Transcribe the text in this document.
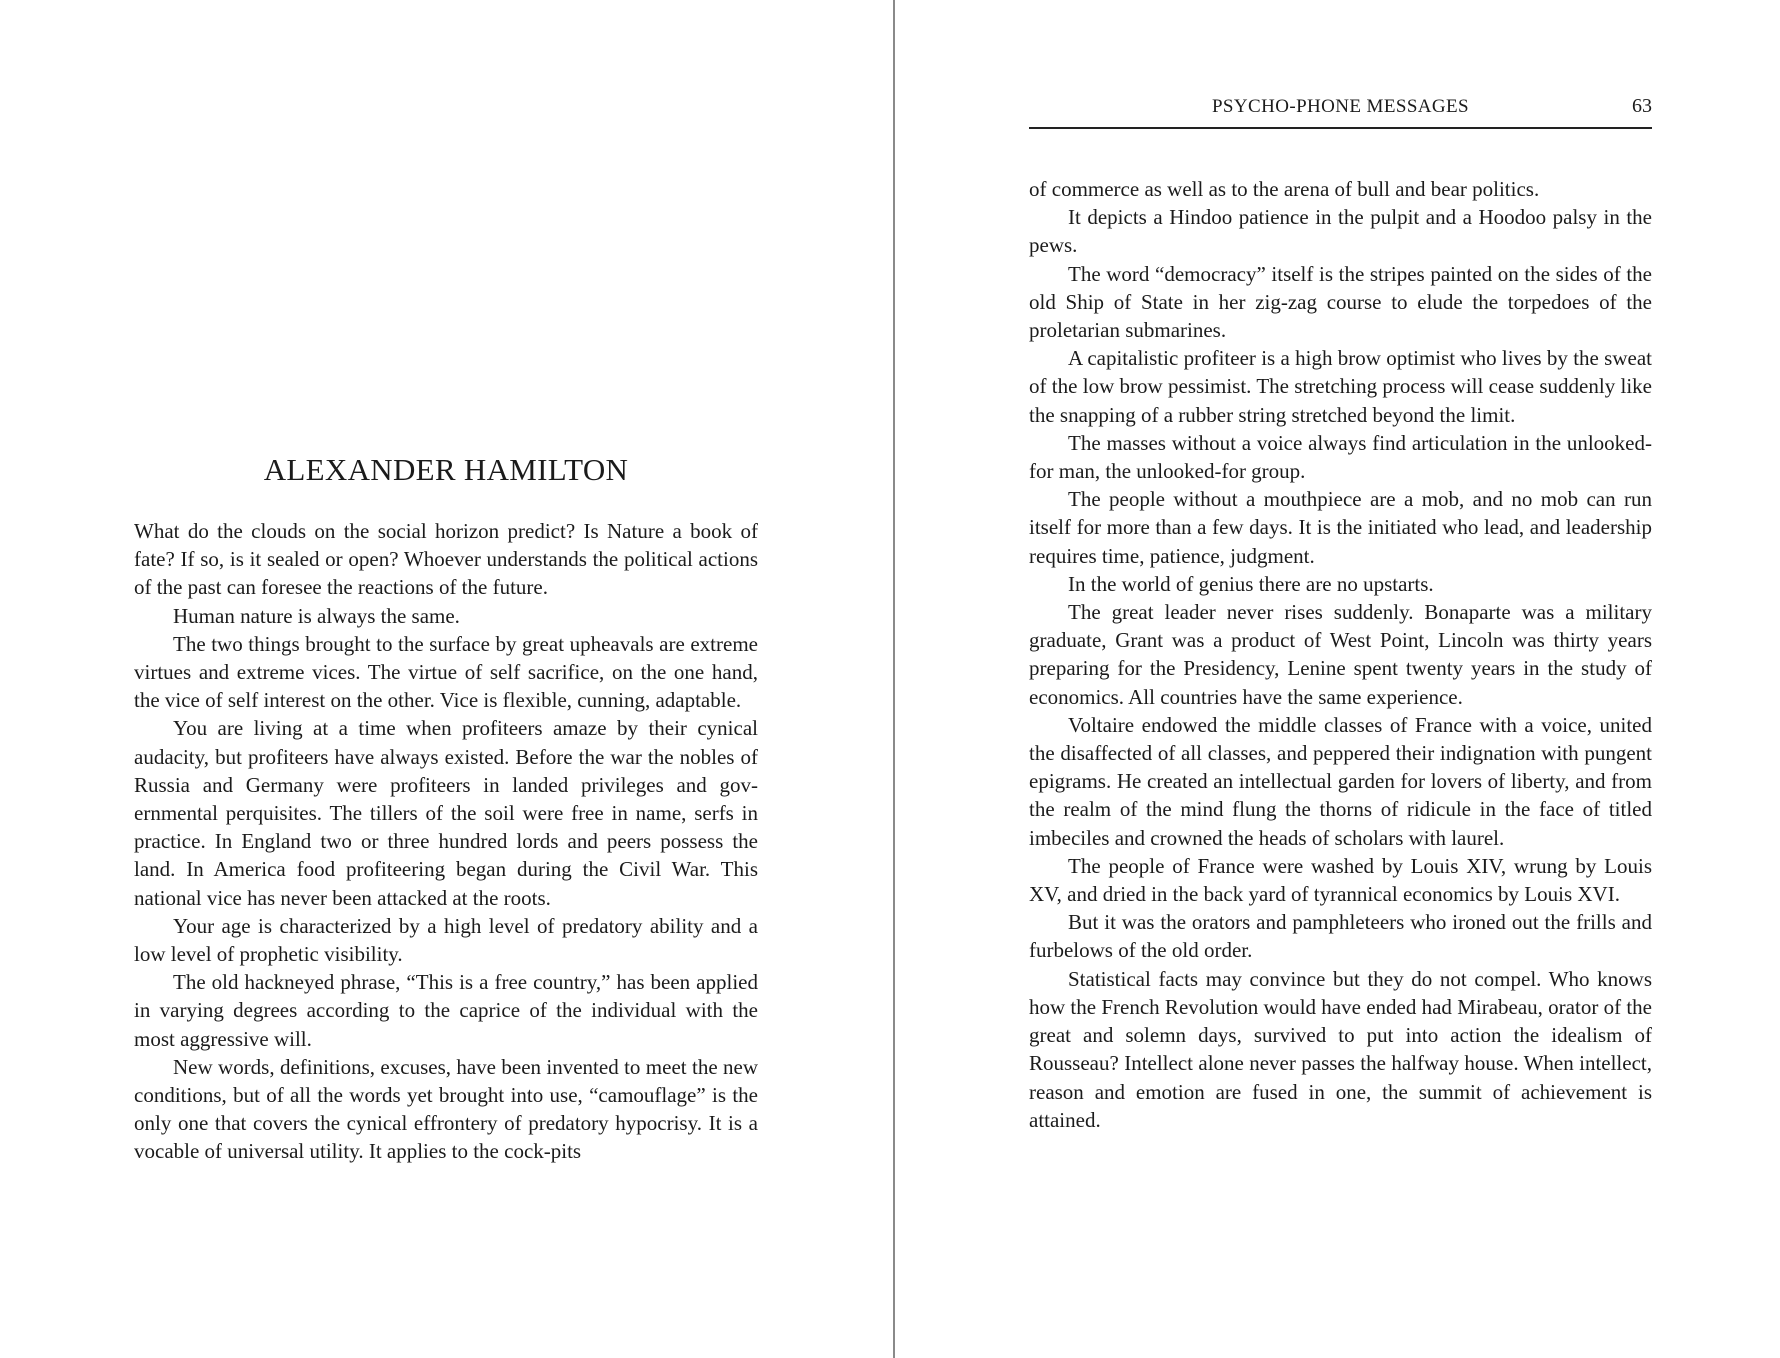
ALEXANDER HAMILTON

What do the clouds on the social horizon predict? Is Nature a book of fate? If so, is it sealed or open? Whoever understands the political actions of the past can foresee the reactions of the future.

Human nature is always the same.

The two things brought to the surface by great upheavals are extreme virtues and extreme vices. The virtue of self sacrifice, on the one hand, the vice of self interest on the other. Vice is flexible, cunning, adaptable.

You are living at a time when profiteers amaze by their cynical audacity, but profiteers have always existed. Before the war the nobles of Russia and Germany were profiteers in landed privileges and governmental perquisites. The tillers of the soil were free in name, serfs in practice. In England two or three hundred lords and peers possess the land. In America food profiteering began during the Civil War. This national vice has never been attacked at the roots.

Your age is characterized by a high level of predatory ability and a low level of prophetic visibility.

The old hackneyed phrase, “This is a free country,” has been applied in varying degrees according to the caprice of the individual with the most aggressive will.

New words, definitions, excuses, have been invented to meet the new conditions, but of all the words yet brought into use, “camouflage” is the only one that covers the cynical effrontery of predatory hypocrisy. It is a vocable of universal utility. It applies to the cock-pits

PSYCHO-PHONE MESSAGES	63

of commerce as well as to the arena of bull and bear politics.

It depicts a Hindoo patience in the pulpit and a Hoodoo palsy in the pews.

The word “democracy” itself is the stripes painted on the sides of the old Ship of State in her zig-zag course to elude the torpedoes of the proletarian submarines.

A capitalistic profiteer is a high brow optimist who lives by the sweat of the low brow pessimist. The stretching process will cease suddenly like the snapping of a rubber string stretched beyond the limit.

The masses without a voice always find articulation in the unlooked-for man, the unlooked-for group.

The people without a mouthpiece are a mob, and no mob can run itself for more than a few days. It is the initiated who lead, and leadership requires time, patience, judgment.

In the world of genius there are no upstarts.

The great leader never rises suddenly. Bonaparte was a military graduate, Grant was a product of West Point, Lincoln was thirty years preparing for the Presidency, Lenine spent twenty years in the study of economics. All countries have the same experience.

Voltaire endowed the middle classes of France with a voice, united the disaffected of all classes, and peppered their indignation with pungent epigrams. He created an intellectual garden for lovers of liberty, and from the realm of the mind flung the thorns of ridicule in the face of titled imbeciles and crowned the heads of scholars with laurel.

The people of France were washed by Louis XIV, wrung by Louis XV, and dried in the back yard of tyrannical economics by Louis XVI.

But it was the orators and pamphleteers who ironed out the frills and furbelows of the old order.

Statistical facts may convince but they do not compel. Who knows how the French Revolution would have ended had Mirabeau, orator of the great and solemn days, survived to put into action the idealism of Rousseau? Intellect alone never passes the halfway house. When intellect, reason and emotion are fused in one, the summit of achievement is attained.
